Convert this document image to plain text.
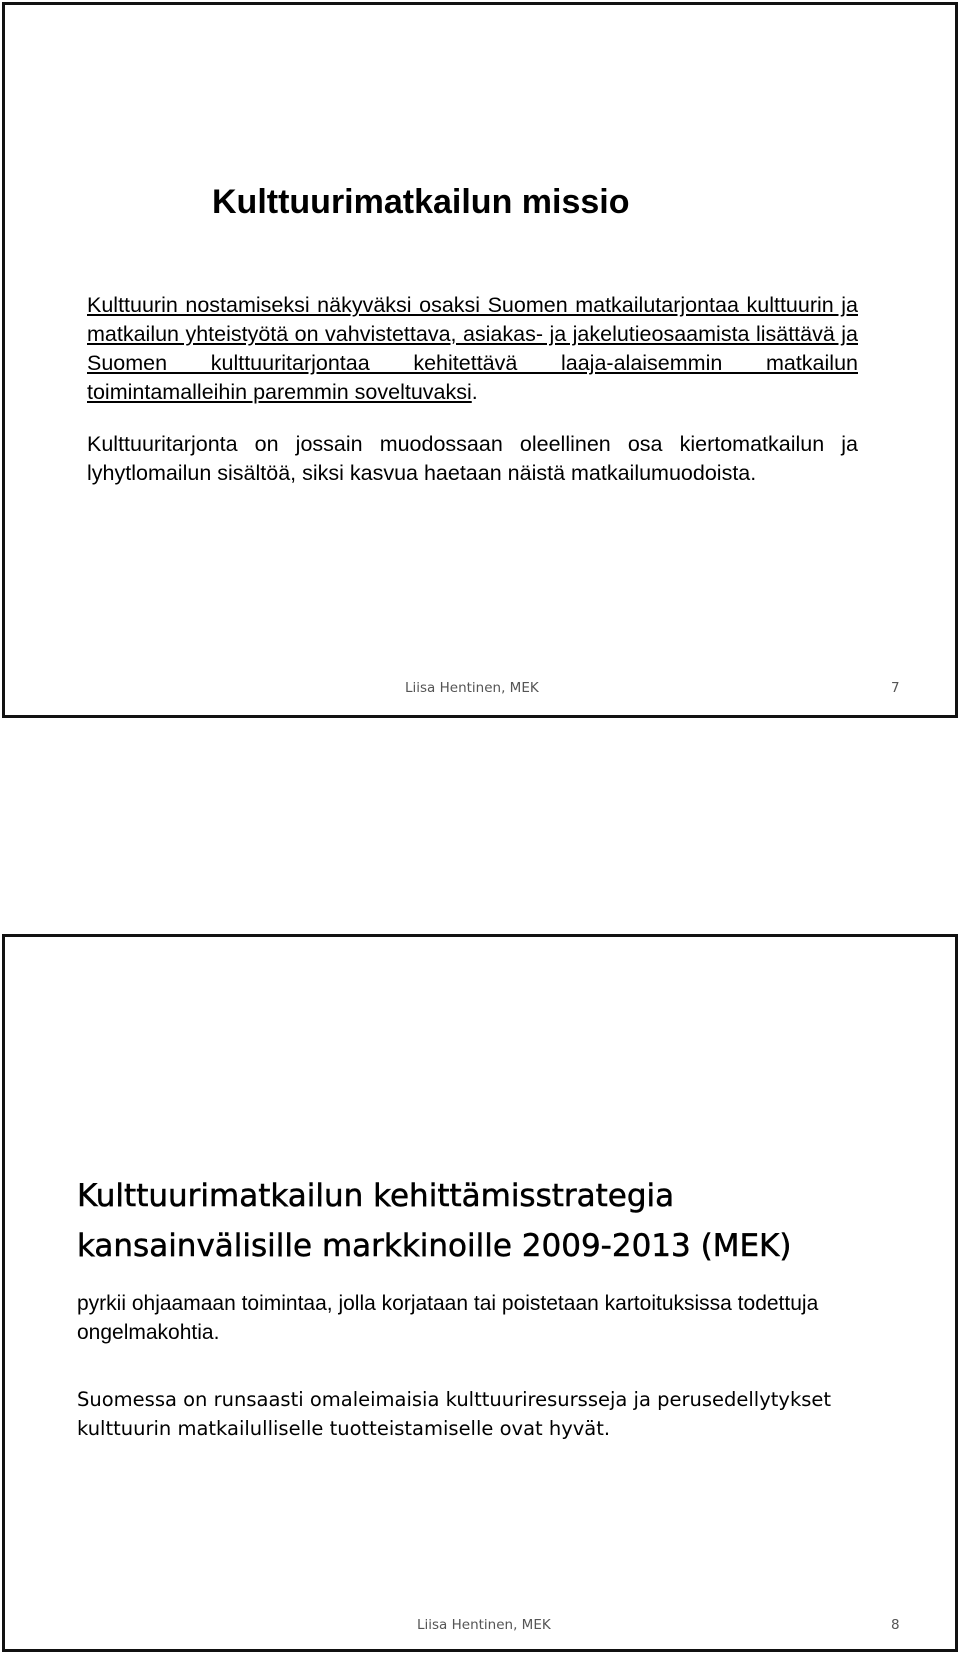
Kulttuurimatkailun missio
Kulttuurin nostamiseksi näkyväksi osaksi Suomen matkailutarjontaa kulttuurin ja matkailun yhteistyötä on vahvistettava, asiakas- ja jakelutieosaamista lisättävä ja Suomen kulttuuritarjontaa kehitettävä laaja-alaisemmin matkailun toimintamalleihin paremmin soveltuvaksi.
Kulttuuritarjonta on jossain muodossaan oleellinen osa kiertomatkailun ja lyhytlomailun sisältöä, siksi kasvua haetaan näistä matkailumuodoista.
Liisa Hentinen, MEK	7
Kulttuurimatkailun kehittämisstrategia
kansainvälisille markkinoille 2009-2013 (MEK)
pyrkii ohjaamaan toimintaa, jolla korjataan tai poistetaan kartoituksissa todettuja ongelmakohtia.
Suomessa on runsaasti omaleimaisia kulttuuriresursseja ja perusedellytykset kulttuurin matkailulliselle tuotteistamiselle ovat hyvät.
Liisa Hentinen, MEK	8
